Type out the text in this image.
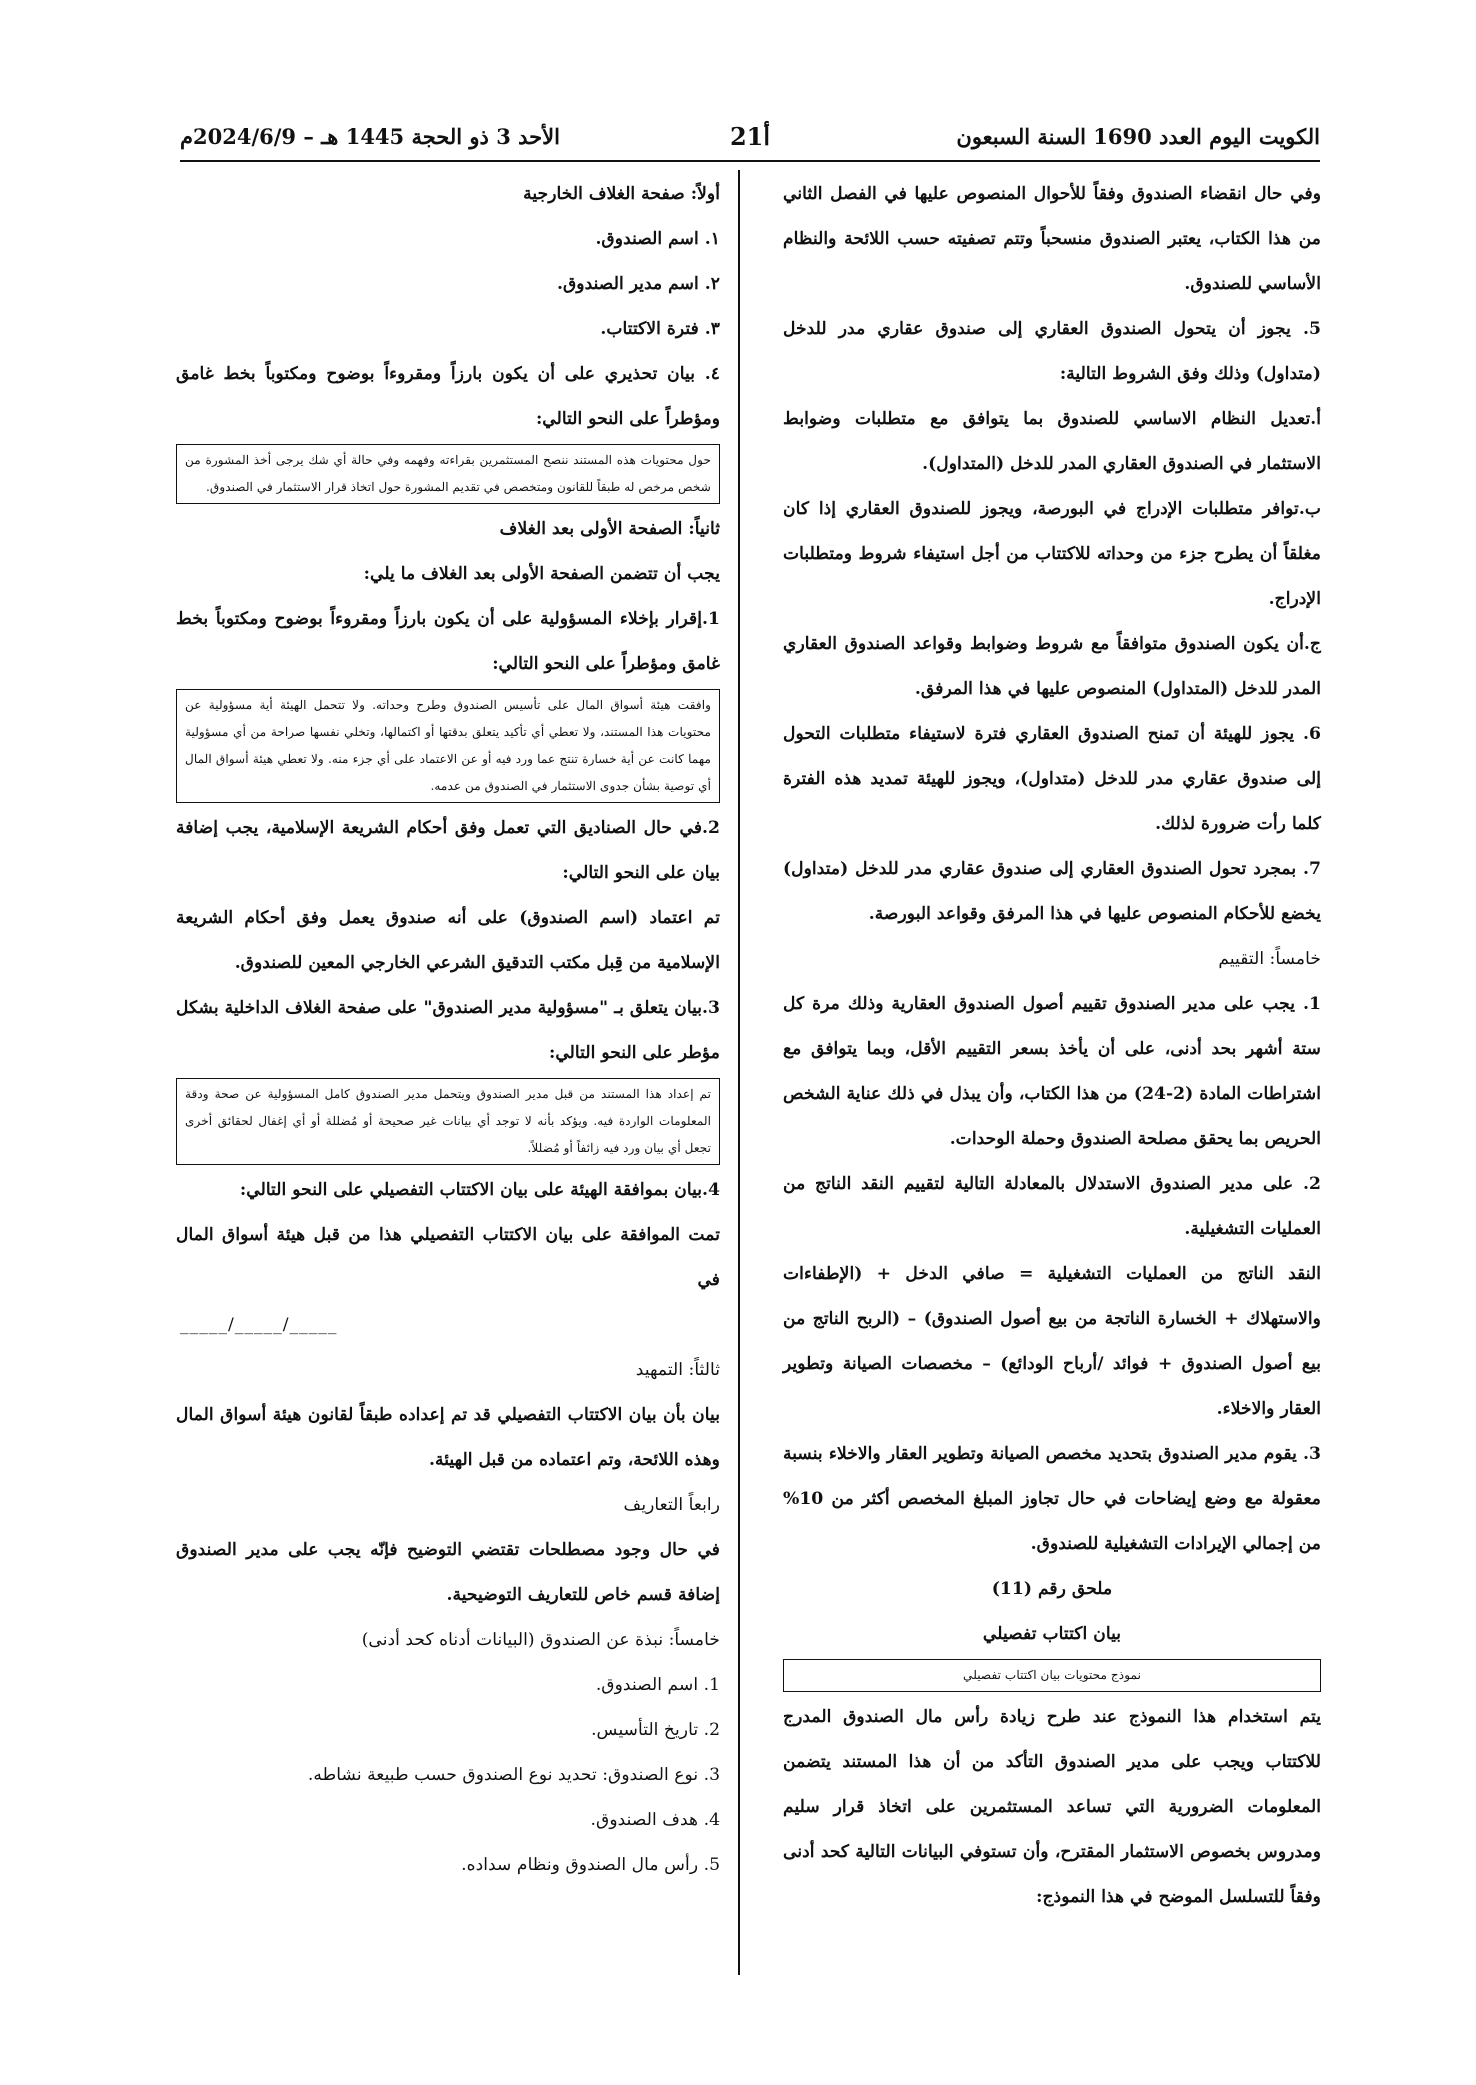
الكويت اليوم العدد 1690 السنة السبعون
21أ
الأحد 3 ذو الحجة 1445 هـ – 2024/6/9م

وفي حال انقضاء الصندوق وفقاً للأحوال المنصوص عليها في الفصل الثاني من هذا الكتاب، يعتبر الصندوق منسحباً وتتم تصفيته حسب اللائحة والنظام الأساسي للصندوق.

5. يجوز أن يتحول الصندوق العقاري إلى صندوق عقاري مدر للدخل (متداول) وذلك وفق الشروط التالية:

أ.تعديل النظام الاساسي للصندوق بما يتوافق مع متطلبات وضوابط الاستثمار في الصندوق العقاري المدر للدخل (المتداول).

ب.توافر متطلبات الإدراج في البورصة، ويجوز للصندوق العقاري إذا كان مغلقاً أن يطرح جزء من وحداته للاكتتاب من أجل استيفاء شروط ومتطلبات الإدراج.

ج.أن يكون الصندوق متوافقاً مع شروط وضوابط وقواعد الصندوق العقاري المدر للدخل (المتداول) المنصوص عليها في هذا المرفق.

6. يجوز للهيئة أن تمنح الصندوق العقاري فترة لاستيفاء متطلبات التحول إلى صندوق عقاري مدر للدخل (متداول)، ويجوز للهيئة تمديد هذه الفترة كلما رأت ضرورة لذلك.

7. بمجرد تحول الصندوق العقاري إلى صندوق عقاري مدر للدخل (متداول) يخضع للأحكام المنصوص عليها في هذا المرفق وقواعد البورصة.

خامساً: التقييم

1. يجب على مدير الصندوق تقييم أصول الصندوق العقارية وذلك مرة كل ستة أشهر بحد أدنى، على أن يأخذ بسعر التقييم الأقل، وبما يتوافق مع اشتراطات المادة (2-24) من هذا الكتاب، وأن يبذل في ذلك عناية الشخص الحريص بما يحقق مصلحة الصندوق وحملة الوحدات.

2. على مدير الصندوق الاستدلال بالمعادلة التالية لتقييم النقد الناتج من العمليات التشغيلية.

النقد الناتج من العمليات التشغيلية = صافي الدخل + (الإطفاءات والاستهلاك + الخسارة الناتجة من بيع أصول الصندوق) – (الربح الناتج من بيع أصول الصندوق + فوائد /أرباح الودائع) – مخصصات الصيانة وتطوير العقار والاخلاء.

3. يقوم مدير الصندوق بتحديد مخصص الصيانة وتطوير العقار والاخلاء بنسبة معقولة مع وضع إيضاحات في حال تجاوز المبلغ المخصص أكثر من 10% من إجمالي الإيرادات التشغيلية للصندوق.

ملحق رقم (11)

بيان اكتتاب تفصيلي

نموذج محتويات بيان اكتتاب تفصيلي

يتم استخدام هذا النموذج عند طرح زيادة رأس مال الصندوق المدرج للاكتتاب ويجب على مدير الصندوق التأكد من أن هذا المستند يتضمن المعلومات الضرورية التي تساعد المستثمرين على اتخاذ قرار سليم ومدروس بخصوص الاستثمار المقترح، وأن تستوفي البيانات التالية كحد أدنى وفقاً للتسلسل الموضح في هذا النموذج:

أولاً: صفحة الغلاف الخارجية

١. اسم الصندوق.

٢. اسم مدير الصندوق.

٣. فترة الاكتتاب.

٤. بيان تحذيري على أن يكون بارزاً ومقروءاً بوضوح ومكتوباً بخط غامق ومؤطراً على النحو التالي:

حول محتويات هذه المستند ننصح المستثمرين بقراءته وفهمه وفي حالة أي شك يرجى أخذ المشورة من شخص مرخص له طبقاً للقانون ومتخصص في تقديم المشورة حول اتخاذ قرار الاستثمار في الصندوق.

ثانياً: الصفحة الأولى بعد الغلاف

يجب أن تتضمن الصفحة الأولى بعد الغلاف ما يلي:

1.إقرار بإخلاء المسؤولية على أن يكون بارزاً ومقروءاً بوضوح ومكتوباً بخط غامق ومؤطراً على النحو التالي:

وافقت هيئة أسواق المال على تأسيس الصندوق وطرح وحداته. ولا تتحمل الهيئة أية مسؤولية عن محتويات هذا المستند، ولا تعطي أي تأكيد يتعلق بدقتها أو اكتمالها، وتخلي نفسها صراحة من أي مسؤولية مهما كانت عن أية خسارة تنتج عما ورد فيه أو عن الاعتماد على أي جزء منه. ولا تعطي هيئة أسواق المال أي توصية بشأن جدوى الاستثمار في الصندوق من عدمه.

2.في حال الصناديق التي تعمل وفق أحكام الشريعة الإسلامية، يجب إضافة بيان على النحو التالي:

تم اعتماد (اسم الصندوق) على أنه صندوق يعمل وفق أحكام الشريعة الإسلامية من قِبل مكتب التدقيق الشرعي الخارجي المعين للصندوق.

3.بيان يتعلق بـ "مسؤولية مدير الصندوق" على صفحة الغلاف الداخلية بشكل مؤطر على النحو التالي:

تم إعداد هذا المستند من قبل مدير الصندوق ويتحمل مدير الصندوق كامل المسؤولية عن صحة ودقة المعلومات الواردة فيه. ويؤكد بأنه لا توجد أي بيانات غير صحيحة أو مُضللة أو أي إغفال لحقائق أخرى تجعل أي بيان ورد فيه زائفاً أو مُضللاً.

4.بيان بموافقة الهيئة على بيان الاكتتاب التفصيلي على النحو التالي:

تمت الموافقة على بيان الاكتتاب التفصيلي هذا من قبل هيئة أسواق المال في

_____/_____/_____

ثالثاً: التمهيد

بيان بأن بيان الاكتتاب التفصيلي قد تم إعداده طبقاً لقانون هيئة أسواق المال وهذه اللائحة، وتم اعتماده من قبل الهيئة.

رابعاً التعاريف

في حال وجود مصطلحات تقتضي التوضيح فإنّه يجب على مدير الصندوق إضافة قسم خاص للتعاريف التوضيحية.

خامساً: نبذة عن الصندوق (البيانات أدناه كحد أدنى)

1. اسم الصندوق.

2. تاريخ التأسيس.

3. نوع الصندوق: تحديد نوع الصندوق حسب طبيعة نشاطه.

4. هدف الصندوق.

5. رأس مال الصندوق ونظام سداده.
